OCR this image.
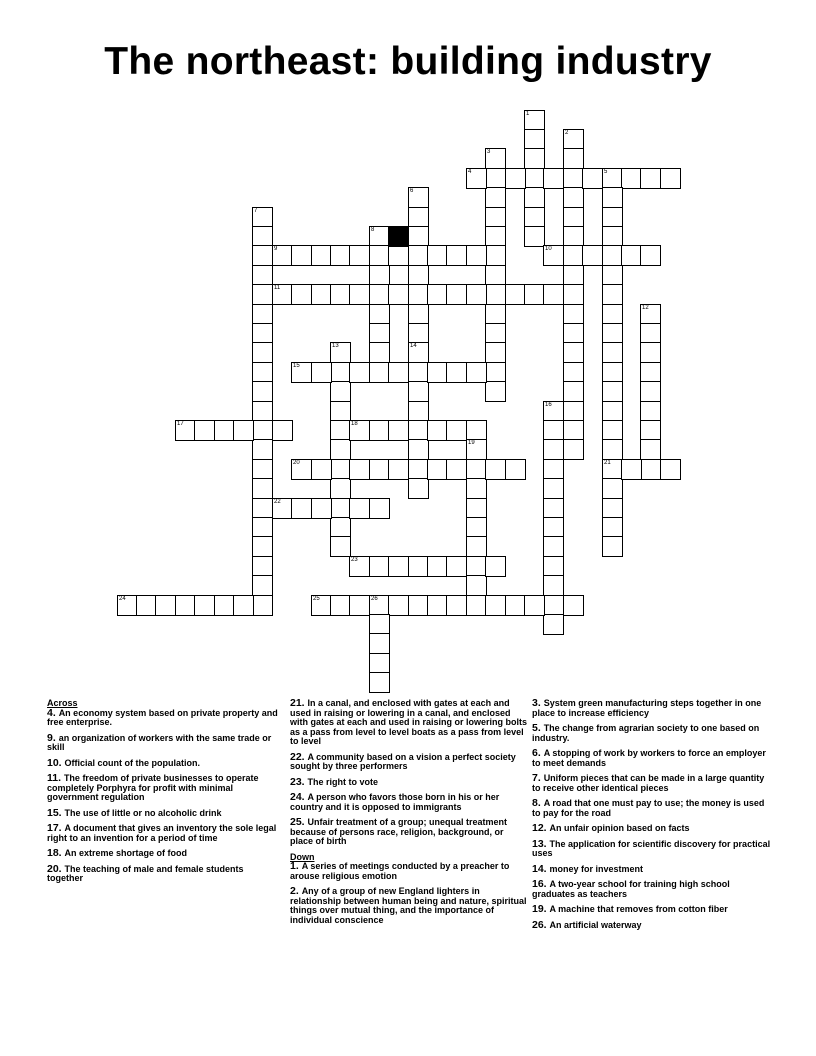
The northeast: building industry
1
2
3
4	5
21
6
14
7
8
9	10
11
12
13
15
16
17	18
19
20
22
23
24	25	26
Across
4. An economy system based on private property and free enterprise.
9. an organization of workers with the same trade or skill
10. Official count of the population.
11. The freedom of private businesses to operate completely Porphyra for profit with minimal government regulation
15. The use of little or no alcoholic drink
17. A document that gives an inventory the sole legal right to an invention for a period of time
18. An extreme shortage of food
20. The teaching of male and female students together
21. In a canal, and enclosed with gates at each and used in raising or lowering in a canal, and enclosed with gates at each and used in raising or lowering bolts as a pass from level to level boats as a pass from level to level
22. A community based on a vision a perfect society sought by three performers
23. The right to vote
24. A person who favors those born in his or her country and it is opposed to immigrants
25. Unfair treatment of a group; unequal treatment because of persons race, religion, background, or place of birth
Down
1. A series of meetings conducted by a preacher to arouse religious emotion
2. Any of a group of new England lighters in relationship between human being and nature, spiritual things over mutual thing, and the importance of individual conscience
3. System green manufacturing steps together in one place to increase efficiency
5. The change from agrarian society to one based on industry.
6. A stopping of work by workers to force an employer to meet demands
7. Uniform pieces that can be made in a large quantity to receive other identical pieces
8. A road that one must pay to use; the money is used to pay for the road
12. An unfair opinion based on facts
13. The application for scientific discovery for practical uses
14. money for investment
16. A two-year school for training high school graduates as teachers
19. A machine that removes from cotton fiber
26. An artificial waterway
